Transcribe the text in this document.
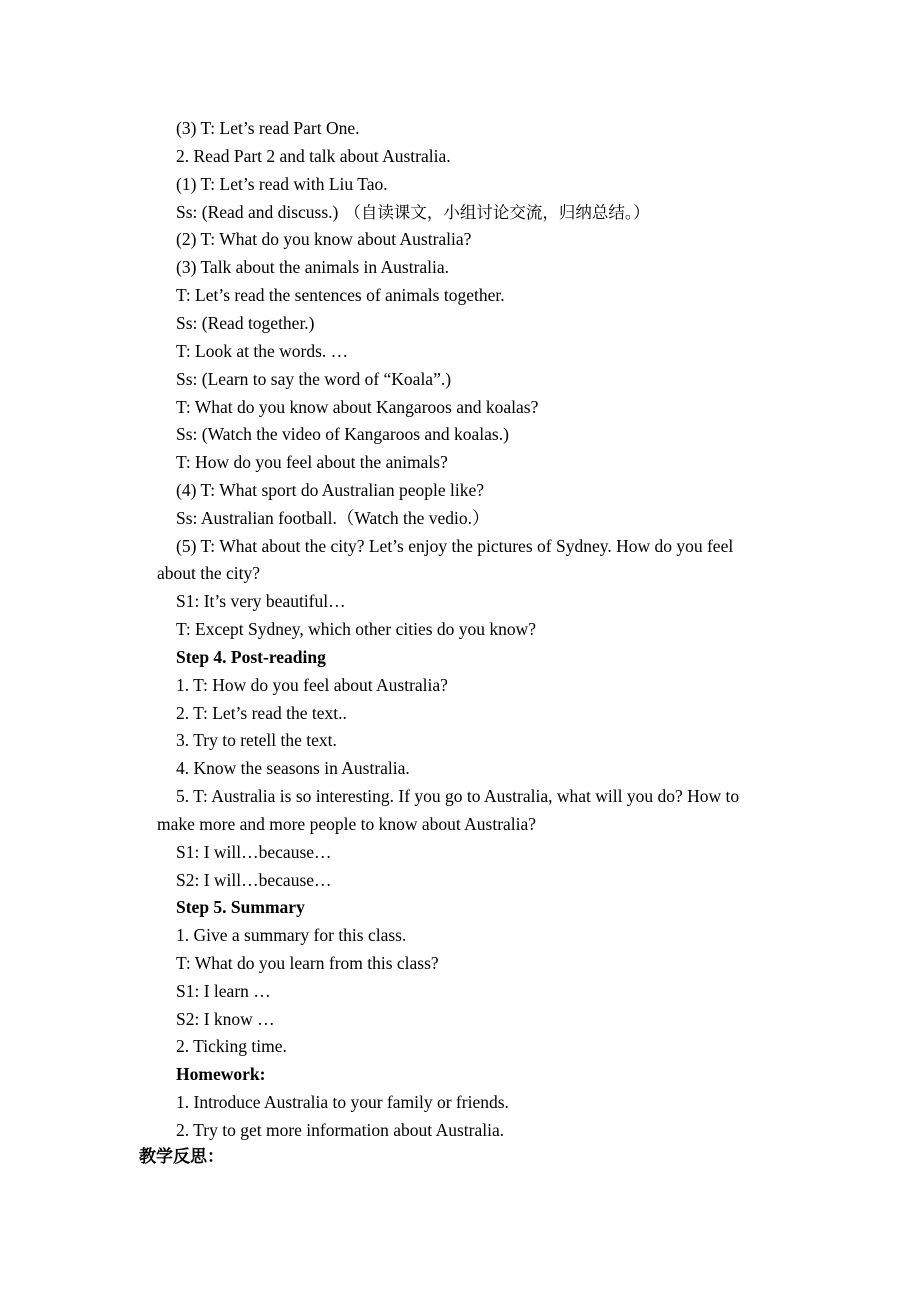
(3) T: Let’s read Part One.
2. Read Part 2 and talk about Australia.
(1) T: Let’s read with Liu Tao.
Ss: (Read and discuss.) （自读课文，小组讨论交流，归纳总结。）
(2) T: What do you know about Australia?
(3) Talk about the animals in Australia.
T: Let’s read the sentences of animals together.
Ss: (Read together.)
T: Look at the words. …
Ss: (Learn to say the word of “Koala”.)
T: What do you know about Kangaroos and koalas?
Ss: (Watch the video of Kangaroos and koalas.)
T: How do you feel about the animals?
(4) T: What sport do Australian people like?
Ss: Australian football.（Watch the vedio.）
(5) T: What about the city? Let’s enjoy the pictures of Sydney. How do you feel
about the city?
S1: It’s very beautiful…
T: Except Sydney, which other cities do you know?
Step 4. Post-reading
1. T: How do you feel about Australia?
2. T: Let’s read the text..
3. Try to retell the text.
4. Know the seasons in Australia.
5. T: Australia is so interesting. If you go to Australia, what will you do? How to
make more and more people to know about Australia?
S1: I will…because…
S2: I will…because…
Step 5. Summary
1. Give a summary for this class.
T: What do you learn from this class?
S1: I learn …
S2: I know …
2. Ticking time.
Homework:
1. Introduce Australia to your family or friends.
2. Try to get more information about Australia.
教学反思：
